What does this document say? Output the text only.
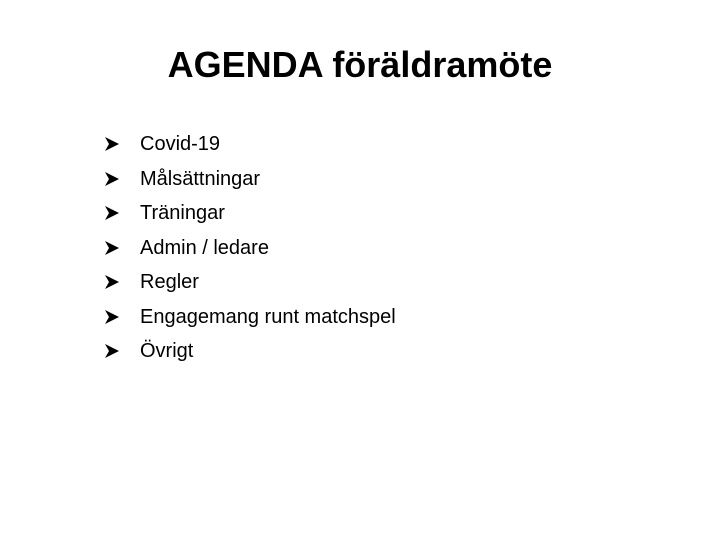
AGENDA föräldramöte
Covid-19
Målsättningar
Träningar
Admin / ledare
Regler
Engagemang runt matchspel
Övrigt
